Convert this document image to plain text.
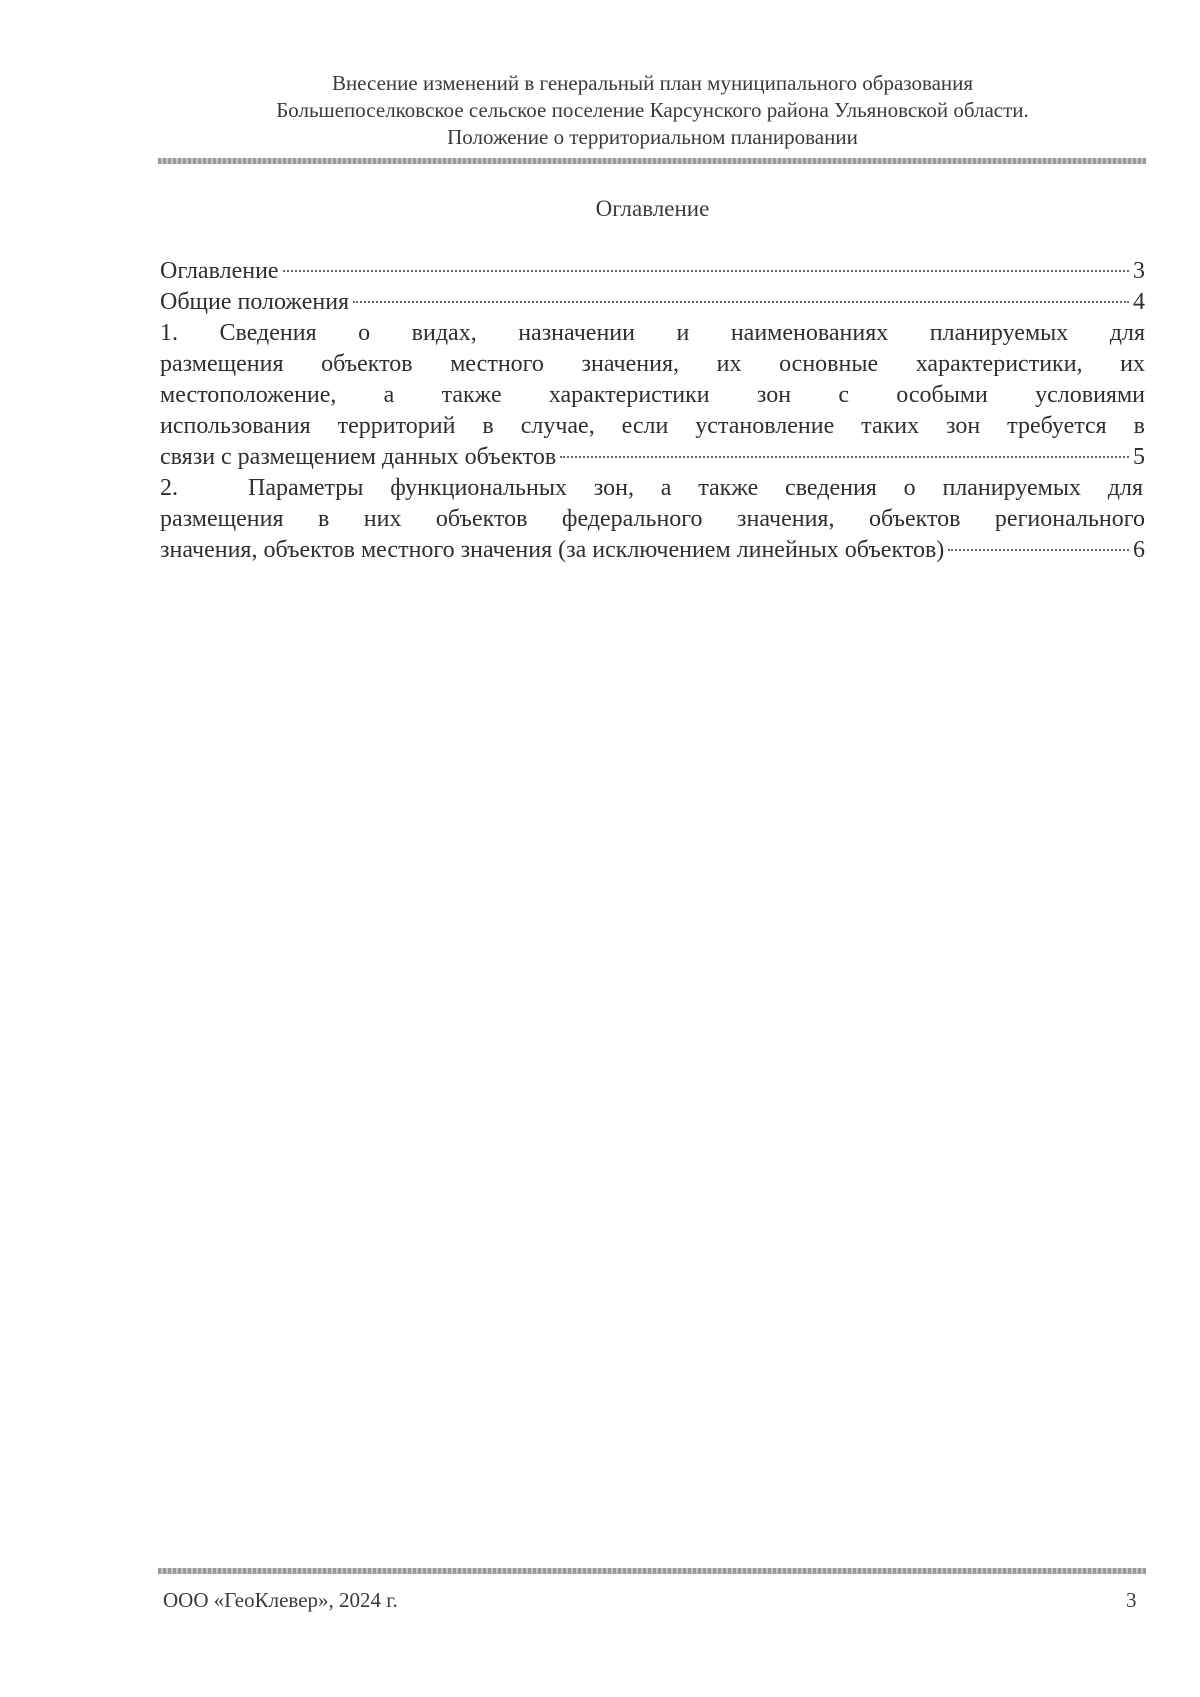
Внесение изменений в генеральный план муниципального образования
Большепоселковское сельское поселение Карсунского района Ульяновской области.
Положение о территориальном планировании
Оглавление
Оглавление	3
Общие положения	4
1. Сведения о видах, назначении и наименованиях планируемых для
размещения объектов местного значения, их основные характеристики, их
местоположение, а также характеристики зон с особыми условиями
использования территорий в случае, если установление таких зон требуется в
связи с размещением данных объектов	5
2.	Параметры функциональных зон, а также сведения о планируемых для
размещения в них объектов федерального значения, объектов регионального
значения, объектов местного значения (за исключением линейных объектов)	6
ООО «ГеоКлевер», 2024 г.	3
